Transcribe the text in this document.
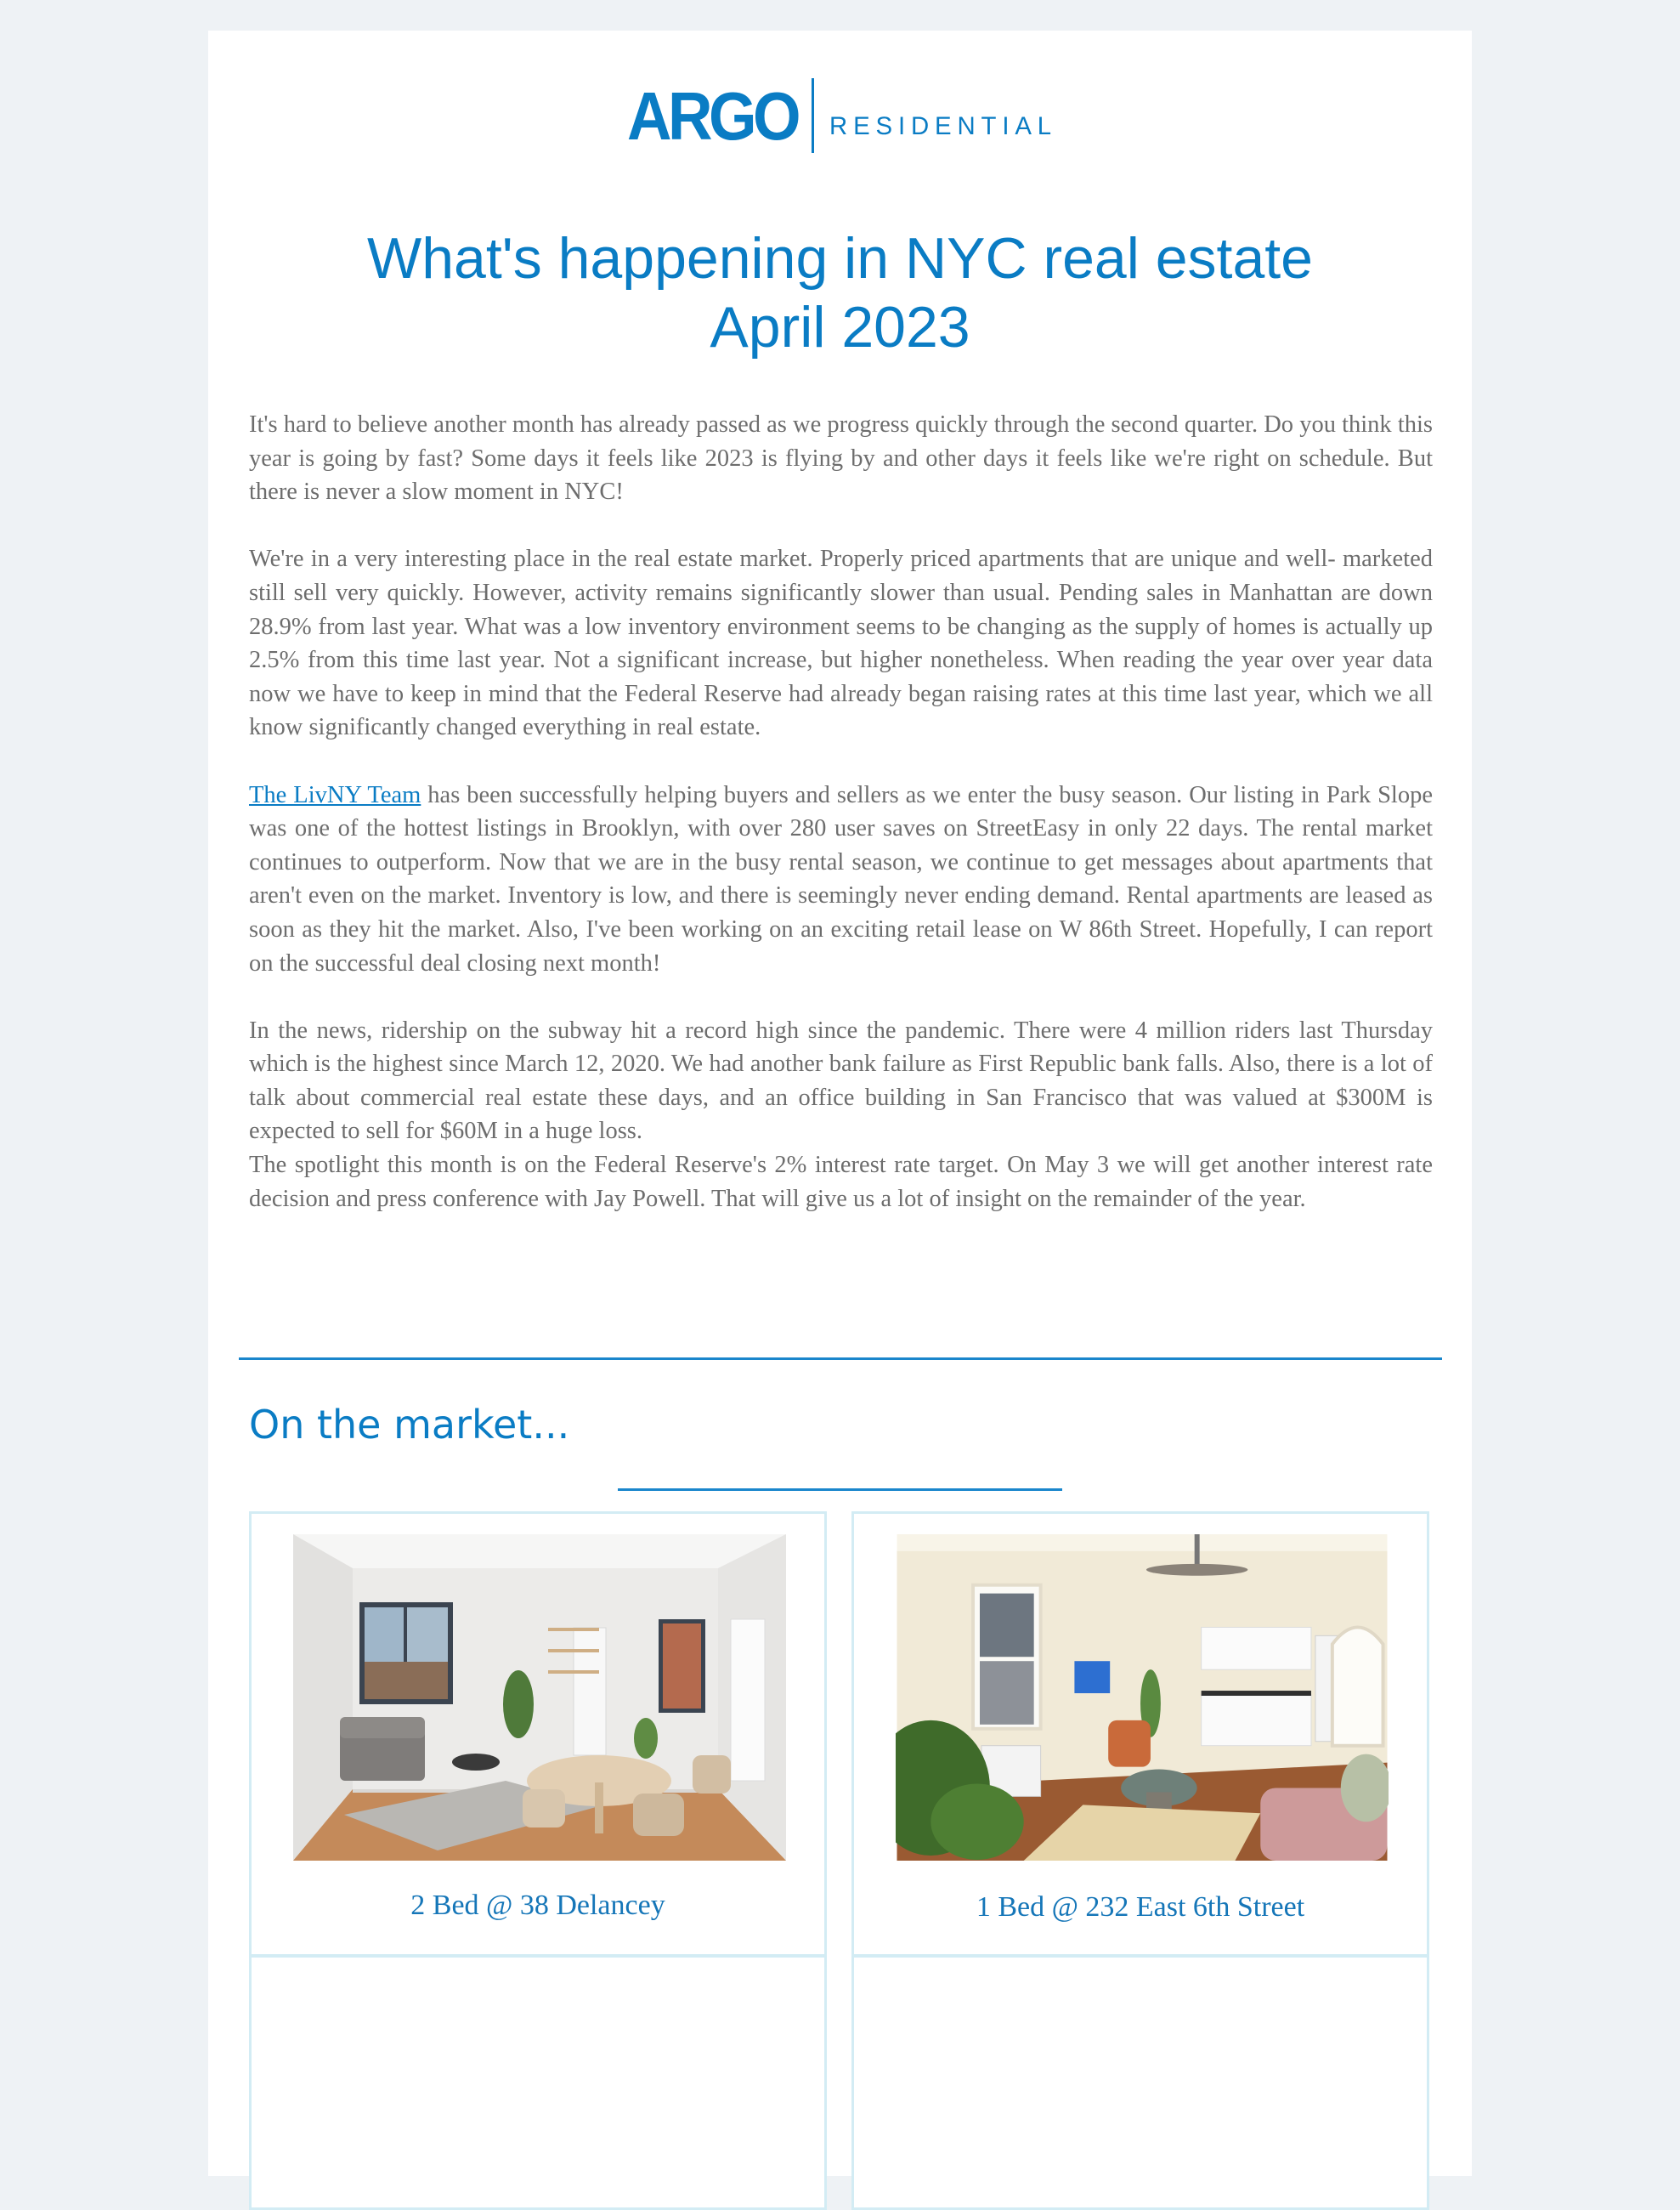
ARGO RESIDENTIAL
What's happening in NYC real estate
April 2023

It's hard to believe another month has already passed as we progress quickly through the second quarter. Do you think this year is going by fast? Some days it feels like 2023 is flying by and other days it feels like we're right on schedule. But there is never a slow moment in NYC!

We're in a very interesting place in the real estate market. Properly priced apartments that are unique and well- marketed still sell very quickly. However, activity remains significantly slower than usual. Pending sales in Manhattan are down 28.9% from last year. What was a low inventory environment seems to be changing as the supply of homes is actually up 2.5% from this time last year. Not a significant increase, but higher nonetheless. When reading the year over year data now we have to keep in mind that the Federal Reserve had already began raising rates at this time last year, which we all know significantly changed everything in real estate.

The LivNY Team has been successfully helping buyers and sellers as we enter the busy season. Our listing in Park Slope was one of the hottest listings in Brooklyn, with over 280 user saves on StreetEasy in only 22 days. The rental market continues to outperform. Now that we are in the busy rental season, we continue to get messages about apartments that aren't even on the market. Inventory is low, and there is seemingly never ending demand. Rental apartments are leased as soon as they hit the market. Also, I've been working on an exciting retail lease on W 86th Street. Hopefully, I can report on the successful deal closing next month!

In the news, ridership on the subway hit a record high since the pandemic. There were 4 million riders last Thursday which is the highest since March 12, 2020. We had another bank failure as First Republic bank falls. Also, there is a lot of talk about commercial real estate these days, and an office building in San Francisco that was valued at $300M is expected to sell for $60M in a huge loss.

The spotlight this month is on the Federal Reserve's 2% interest rate target. On May 3 we will get another interest rate decision and press conference with Jay Powell. That will give us a lot of insight on the remainder of the year.

On the market...
2 Bed @ 38 Delancey	1 Bed @ 232 East 6th Street
